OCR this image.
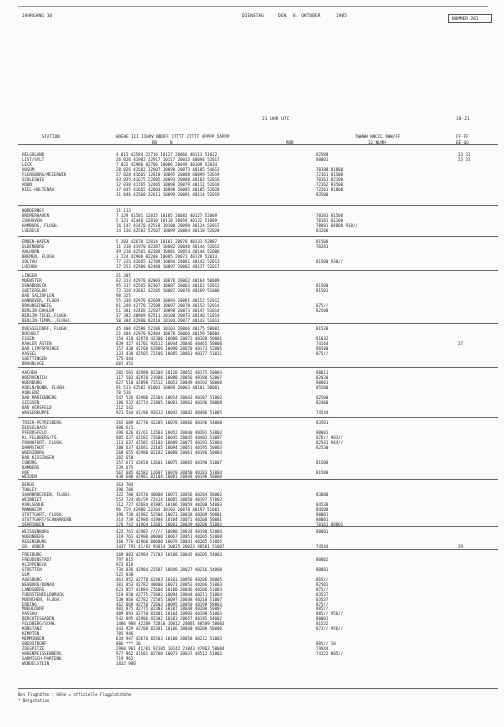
JAHRGANG 10	DIENSTAG	DEN 8. OKTOBER	1985
NUMMER 281
21 UHR UTC	18-21
STATION	HOEHE III IIHVV NDDFF 1TTTT 2TTTT 4PPPP 5APPP
RR	N	RRR
7WWWW 8NCCC 9WW/FF
12 NLMH
FF-FF
EE GG
HELGOLAND	4 015 42584 22716 10127 20066 40113 51012	82500	23 31
LIST/SYLT	26 020 41982 22917 10117 20033 40094 52017	80001	23 31
LECK	7 022 42980 02706 10086 20049 40109 52034
HUSUM	28 026 41582 12907 10098 20073 40105 54013	70188 81800
FLENSBURG/MEIERWIK	27 028 41665 12610 10095 20088 40099 52019	72161 81500
SCHLESWIG	43 035 41675 22605 10093 20080 40103 52016	70161 82100
HOHN	12 038 41765 32405 10098 20079 40111 52018	72162 83500
KIEL-HOLTENAU	17 045 41665 42604 10098 20085 40105 52020	72261 81800
31 046 42560 32611 10099 20091 40114 52019	83500
NORDERNEY	11 113
BREMERHAVEN	7 129 41581 12815 10105 20082 40127 52009	70381 81500
CUXHAVEN	5 131 41440 12810 10118 20059 40122 51009	70181 81100
HAMBURG, FLUGH.	16 147 41470 42510 10100 20090 40124 52017	78081 84800 918//
LUEBECK	14 156 42582 52507 10099 20084 40118 52020	83200
EMDEN-HAFEN	5 203 42670 12014 10101 20070 40131 52007	81500
OLDENBURG	11 210 41970 02207 10082 20040 40144 52012	70281
AHLHORN	49 218 42565 02309 10081 20054 40144 52006
BREMEN, FLUGH.	3 224 42980 02208 10085 20071 40129 52014
SOLTAU	77 235 42665 32709 10094 20081 40142 52013	81500 930//
LUCHOW	17 253 42980 02408 10097 20082 40137 52017
LINGEN	21 305
MUENSTER	62 313 42970 02003 10078 20062 40164 50009
OSNABRUECK	95 317 42565 02307 10087 20063 40162 52012	81500
GUETERSLOH	72 320 42662 42205 10087 20070 40169 51008	81501
BAD SALZUFLEN	98 325
HANNOVER, FLUGH.	55 338 42970 02609 10094 20081 40152 52012
BRAUNSCHWEIG	81 348 42770 72508 10097 20070 40152 52014	875//
BERLIN-DAHLEM	51 381 42468 22507 10098 20073 40147 51014	82500
BERLIN-TEGEL,FLUGH.	37 382 40969 02511 10100 20073 40140 51014
BERLIN-TEMPL.,FLUGH.	50 384 42980 02410 10104 20077 40143 51013
DUESSELDORF, FLUGH.	45 400 42580 52206 10103 20066 40175 50002	81530
BOCHOLT	21 404 42970 02404 10078 20066 40159 50004
ESSEN	154 410 42970 42306 10088 20072 40168 50001	81032
KAHLER ASTEN	839 427 41701 92612 10044 20046 48465 50000	74144	27
BAD LIPPSPRINGE	157 430 42760 62806 10090 20070 40173 52005	86500
KASSEL	231 438 42565 72106 10085 20061 40177 51011	875//
GOETTINGEN	175 444
BRAUNLAGE	607 452
AACHEN	202 501 42980 82304 10120 20052 40175 50003	88011
NOERVENICH	117 502 42970 21908 10088 20056 40180 52007	82030
NUERBURG	627 510 42890 72512 10053 20049 40192 50000	80001
KOELN/BONN, FLUGH.	91 513 42582 81803 10089 20063 40181 50001	85500
KOBLENZ	70 516
BAD MARIENBERG	547 526 42980 22304 10054 20043 40187 51002	82500
GIESSEN	186 532 42774 21805 10083 20063 40196 50008	82400
BAD HERSFELD	212 542
WASSERKUPPE	921 544 41/00 92613 10042 20042 48486 51005	74544
TRIER-PETRISBERG	265 609 42770 42205 10078 20066 40196 54000	83501
DEUSELBACH	480 615
PFERDSFELD	396 626 42/61 12503 10052 20040 40201 53003	80001
KL.FELDBERG/TS.	805 637 42182 72604 10045 20045 48483 53007	878// 903//
FRANKFURT, FLUGH.	113 637 42581 42103 10089 20075 40193 52004	82541 944//
DARMSTADT	108 637 42681 22105 10094 20051 40195 50003	82530
WUERZBURG	268 655 42980 02102 10088 20061 40196 50003
BAD KISSINGEN	282 658
COBURG	357 671 42658 12601 10075 20065 40190 51007	81500
BAMBERG	239 675
HOF	567 685 42582 12607 10070 20050 40183 51004	81500
WEIDEN	438 688 42981 02104 10081 20048 40196 50008
BERUS	363 704
THOLEY	396 706
SAARBRUECKEN, FLUGH.	322 708 42570 40000 10072 20056 40204 58002	83800
WEINBIET	553 724 46/59 72414 10065 20050 40197 57003
KARLSRUHE	112 727 42684 81905 10106 20059 40200 54003	84530
MANNHEIM	96 729 42980 22204 10103 20078 40197 51001	84500
STUTTGART, FLUGH.	396 738 42982 52504 10073 20038 40209 50001	80001
STUTTGART/SCHNARRENB	314 739 42980 41904 10104 20071 40200 50001	80001
OEHRINGEN	276 742 41964 12601 10081 20049 40200 51003	70161 80001
WEISSENBURG	422 761 42982 ///// 10080 20034 40198 52004	80001
NUERNBERG	319 763 42980 00000 10067 20051 40205 52008
REGENSBURG	366 776 42960 00000 10079 20041 40205 51005
GR. ARBER	1437 791 41/01 93014 10025 20023 48501 51007	74544	29
FREIBURG	269 803 42984 71703 10108 20045 40205 54003
FREUDENSTADT	797 815	80002
KLIPPENECK	973 818
STOETTEN	734 836 42984 22507 10048 20027 40216 54000	80001
ULM	522 838
AUGSBURG	461 852 42770 62403 10101 20056 40206 50005	865//
NEUBURG/DONAU	381 853 42782 40000 10071 20053 40206 51003	82501
LANDSBERG	623 857 42884 72604 10100 20046 40206 51003	875//
FUERSTENFELDBRUCK	519 858 42775 72602 10094 20044 40211 51004	83527
MUENCHEN, FLUGH.	530 866 42782 72505 10097 20048 40210 51007	83537
ERDING	462 869 42770 72603 10095 20050 40199 58003	875//
MUEHLDORF	401 875 42775 82303 10107 20048 40200 50007	885//
PASSAU	409 893 42770 82401 10104 20093 40198 53003	885// 956//
BERCHTESGADEN	542 895 42986 92302 10103 20057 40195 54002	80001
FELDBERG/SCHW.	1486 908 42289 72810 10012 20001 48509 58003	81532
KONSTANZ	443 929 42788 82301 10106 20040 40208 50000	873// 956//
KEMPTEN	705 946
MEMMINGEN	634 947 42670 82503 10100 20058 40212 51003
OBERSTDORF	806 *** 10	885// 10
ZUGSPITZE	2960 961 41/01 92105 10142 21043 47063 58004	74944
HOHENPEISSENBERG	977 962 41581 82708 10073 20037 48512 51003	74122 885//
GARMISCH-PARTENK.	719 963
WENDELSTEIN	1832 980
Bei Flughäfen : Höhe = offizielle Flugplatzhöhe
* Bergstation
